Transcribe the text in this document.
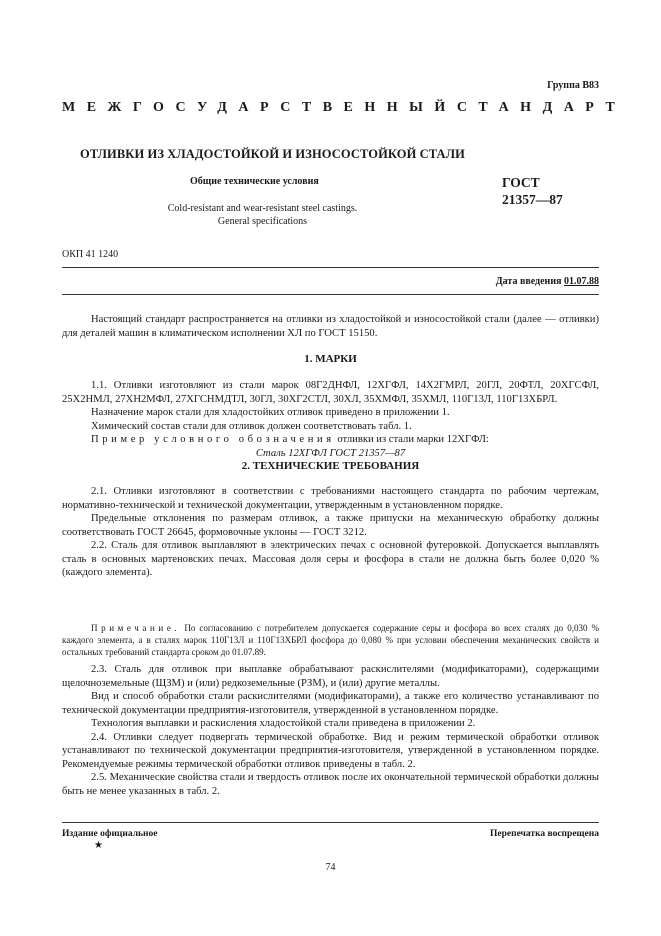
Группа В83
МЕЖГОСУДАРСТВЕННЫЙ СТАНДАРТ
ОТЛИВКИ ИЗ ХЛАДОСТОЙКОЙ И ИЗНОСОСТОЙКОЙ СТАЛИ
Общие технические условия	ГОСТ
21357—87
Cold-resistant and wear-resistant steel castings.
General specifications
ОКП 41 1240
Дата введения 01.07.88

Настоящий стандарт распространяется на отливки из хладостойкой и износостойкой стали (далее — отливки) для деталей машин в климатическом исполнении ХЛ по ГОСТ 15150.

1. МАРКИ

1.1. Отливки изготовляют из стали марок 08Г2ДНФЛ, 12ХГФЛ, 14Х2ГМРЛ, 20ГЛ, 20ФТЛ, 20ХГСФЛ, 25Х2НМЛ, 27ХН2МФЛ, 27ХГСНМДТЛ, 30ГЛ, 30ХГ2СТЛ, 30ХЛ, 35ХМФЛ, 35ХМЛ, 110Г13Л, 110Г13ХБРЛ.

Назначение марок стали для хладостойких отливок приведено в приложении 1.

Химический состав стали для отливок должен соответствовать табл. 1.

Пример условного обозначения отливки из стали марки 12ХГФЛ:

Сталь 12ХГФЛ ГОСТ 21357—87

2. ТЕХНИЧЕСКИЕ ТРЕБОВАНИЯ

2.1. Отливки изготовляют в соответствии с требованиями настоящего стандарта по рабочим чертежам, нормативно-технической и технической документации, утвержденным в установленном порядке.

Предельные отклонения по размерам отливок, а также припуски на механическую обработку должны соответствовать ГОСТ 26645, формовочные уклоны — ГОСТ 3212.

2.2. Сталь для отливок выплавляют в электрических печах с основной футеровкой. Допускается выплавлять сталь в основных мартеновских печах. Массовая доля серы и фосфора в стали не должна быть более 0,020 % (каждого элемента).

Примечание. По согласованию с потребителем допускается содержание серы и фосфора во всех сталях до 0,030 % каждого элемента, а в сталях марок 110Г13Л и 110Г13ХБРЛ фосфора до 0,080 % при условии обеспечения механических свойств и остальных требований стандарта сроком до 01.07.89.

2.3. Сталь для отливок при выплавке обрабатывают раскислителями (модификаторами), содержащими щелочноземельные (ЩЗМ) и (или) редкоземельные (РЗМ), и (или) другие металлы.

Вид и способ обработки стали раскислителями (модификаторами), а также его количество устанавливают по технической документации предприятия-изготовителя, утвержденной в установленном порядке.

Технология выплавки и раскисления хладостойкой стали приведена в приложении 2.

2.4. Отливки следует подвергать термической обработке. Вид и режим термической обработки отливок устанавливают по технической документации предприятия-изготовителя, утвержденной в установленном порядке. Рекомендуемые режимы термической обработки отливок приведены в табл. 2.

2.5. Механические свойства стали и твердость отливок после их окончательной термической обработки должны быть не менее указанных в табл. 2.

Издание официальное	Перепечатка воспрещена
★
74
